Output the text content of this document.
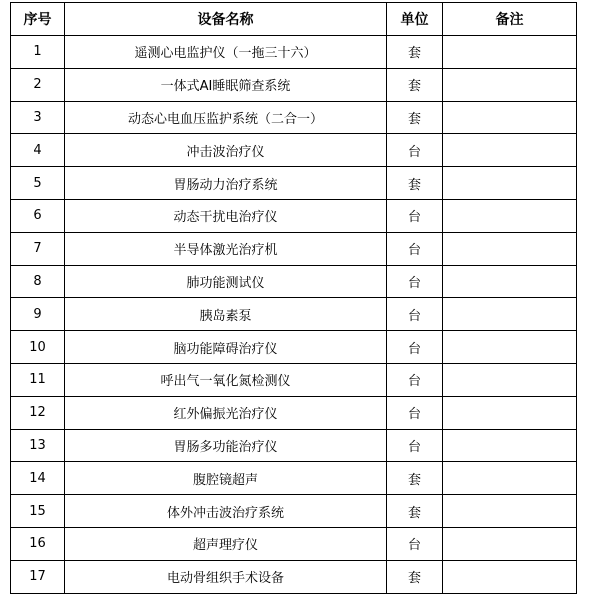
序号	设备名称	单位	备注
1	遥测心电监护仪（一拖三十六）	套	
2	一体式AI睡眠筛查系统	套	
3	动态心电血压监护系统（二合一）	套	
4	冲击波治疗仪	台	
5	胃肠动力治疗系统	套	
6	动态干扰电治疗仪	台	
7	半导体激光治疗机	台	
8	肺功能测试仪	台	
9	胰岛素泵	台	
10	脑功能障碍治疗仪	台	
11	呼出气一氧化氮检测仪	台	
12	红外偏振光治疗仪	台	
13	胃肠多功能治疗仪	台	
14	腹腔镜超声	套	
15	体外冲击波治疗系统	套	
16	超声理疗仪	台	
17	电动骨组织手术设备	套	
